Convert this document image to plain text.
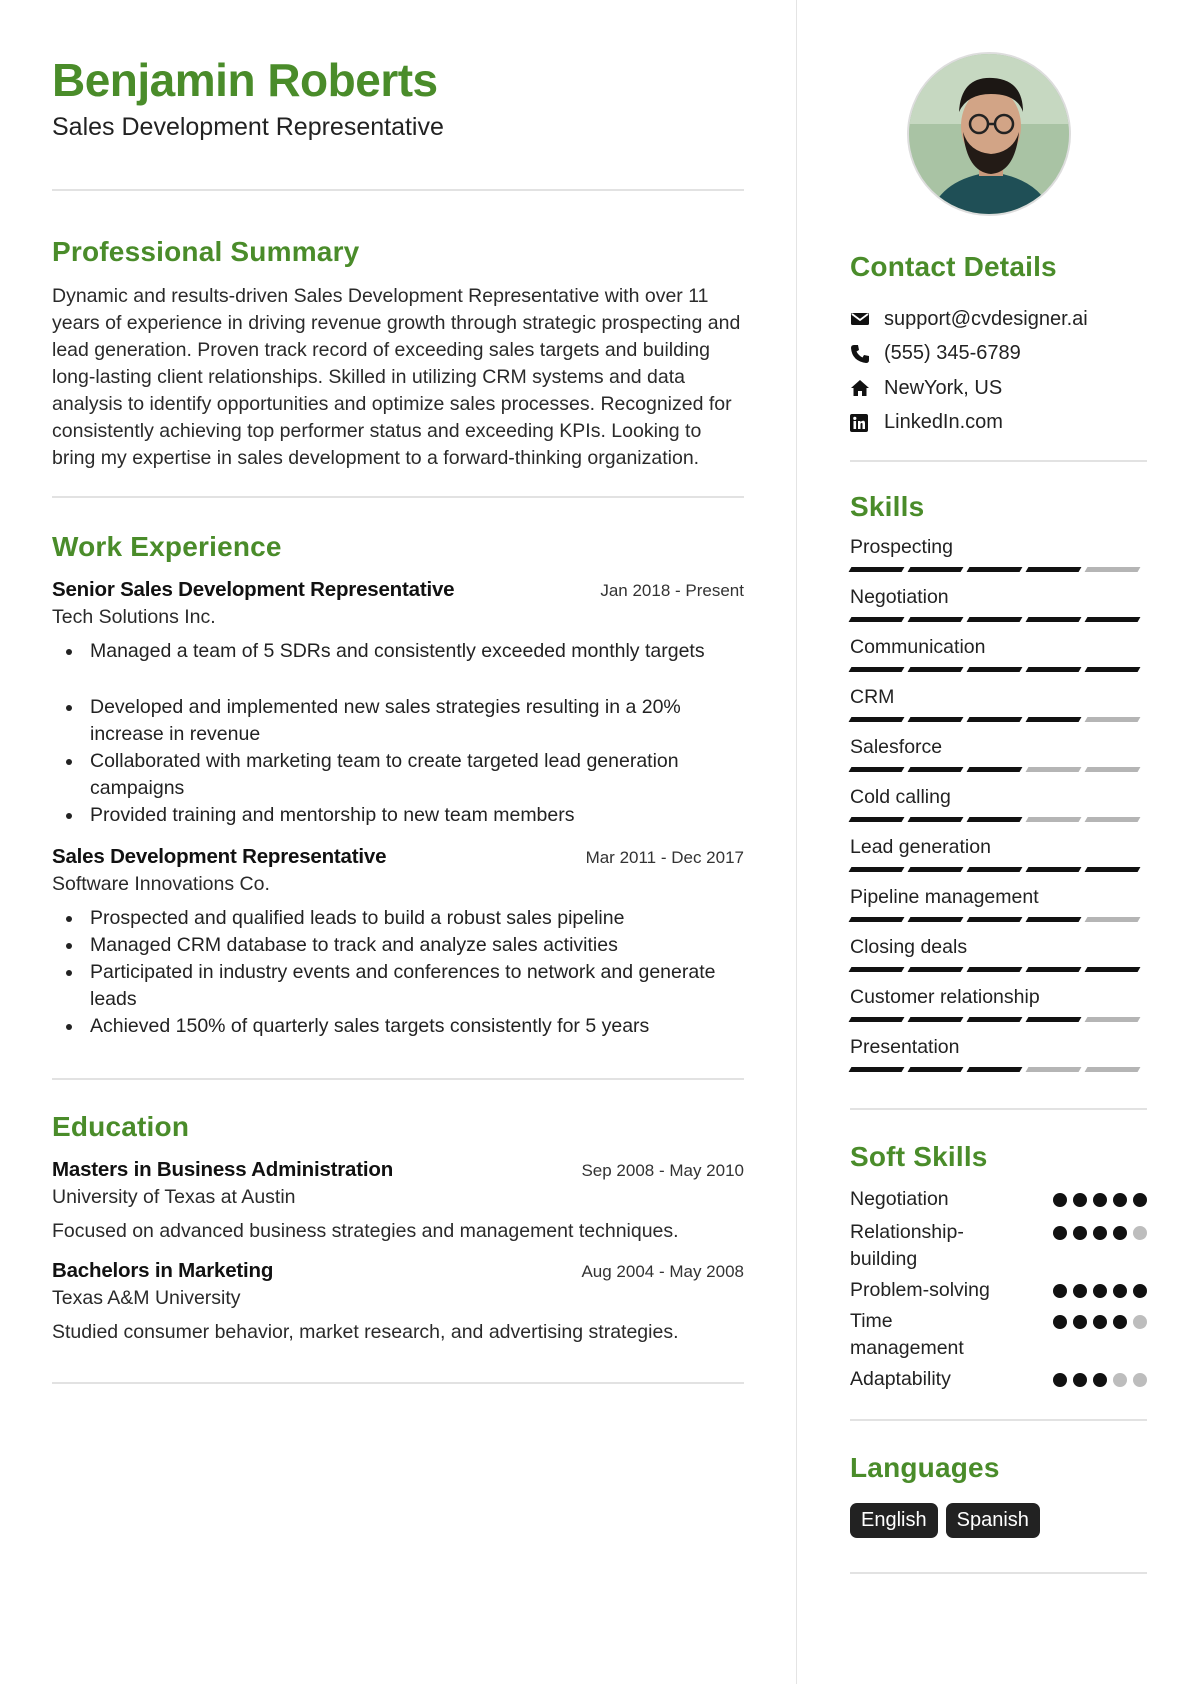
Benjamin Roberts
Sales Development Representative
Professional Summary
Dynamic and results-driven Sales Development Representative with over 11 years of experience in driving revenue growth through strategic prospecting and lead generation. Proven track record of exceeding sales targets and building long-lasting client relationships. Skilled in utilizing CRM systems and data analysis to identify opportunities and optimize sales processes. Recognized for consistently achieving top performer status and exceeding KPIs. Looking to bring my expertise in sales development to a forward-thinking organization.
Work Experience
Senior Sales Development Representative	Jan 2018 - Present
Tech Solutions Inc.
Managed a team of 5 SDRs and consistently exceeded monthly targets
Developed and implemented new sales strategies resulting in a 20% increase in revenue
Collaborated with marketing team to create targeted lead generation campaigns
Provided training and mentorship to new team members
Sales Development Representative	Mar 2011 - Dec 2017
Software Innovations Co.
Prospected and qualified leads to build a robust sales pipeline
Managed CRM database to track and analyze sales activities
Participated in industry events and conferences to network and generate leads
Achieved 150% of quarterly sales targets consistently for 5 years
Education
Masters in Business Administration	Sep 2008 - May 2010
University of Texas at Austin
Focused on advanced business strategies and management techniques.
Bachelors in Marketing	Aug 2004 - May 2008
Texas A&M University
Studied consumer behavior, market research, and advertising strategies.
Contact Details
support@cvdesigner.ai
(555) 345-6789
NewYork, US
LinkedIn.com
Skills
Prospecting
Negotiation
Communication
CRM
Salesforce
Cold calling
Lead generation
Pipeline management
Closing deals
Customer relationship
Presentation
Soft Skills
Negotiation
Relationship-building
Problem-solving
Time management
Adaptability
Languages
English	Spanish
